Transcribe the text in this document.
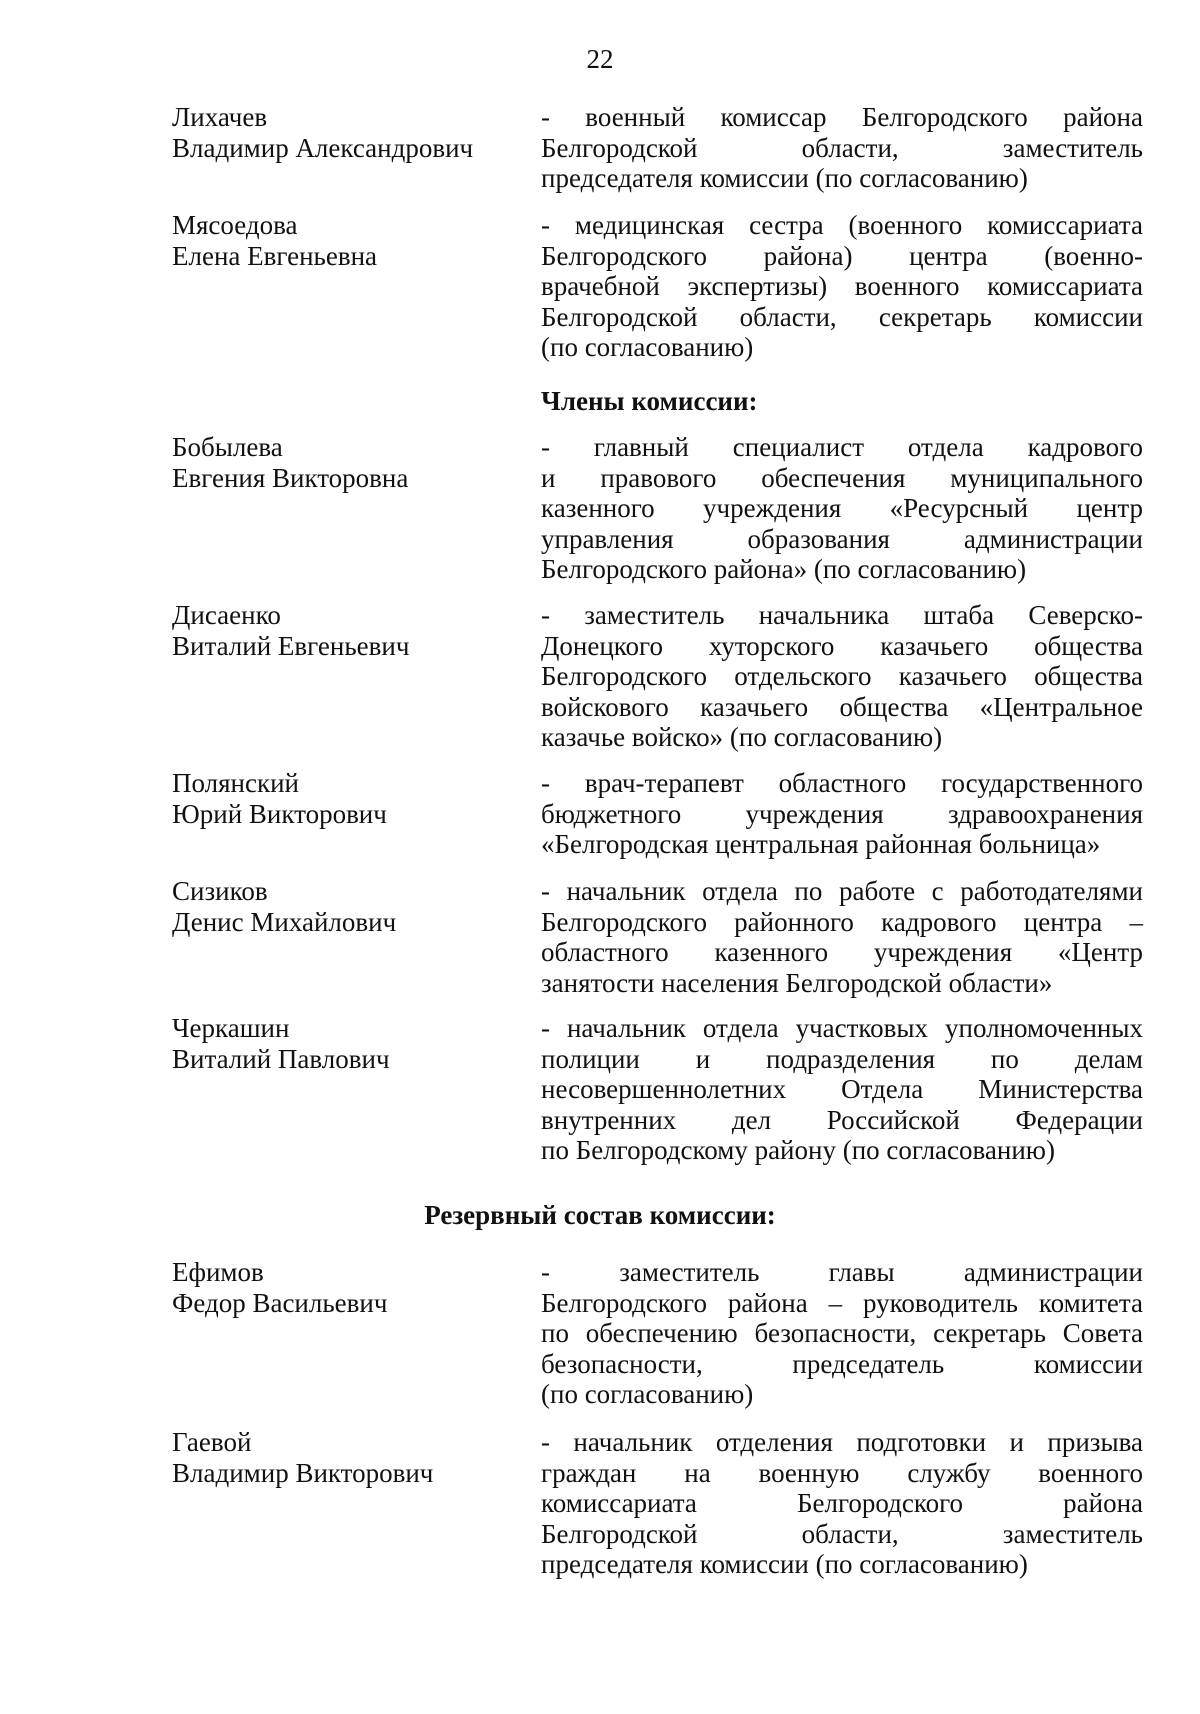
22
Лихачев
Владимир Александрович
- военный комиссар Белгородского района
Белгородской области, заместитель
председателя комиссии (по согласованию)
Мясоедова
Елена Евгеньевна
- медицинская сестра (военного комиссариата
Белгородского района) центра (военно-
врачебной экспертизы) военного комиссариата
Белгородской области, секретарь комиссии
(по согласованию)
Члены комиссии:
Бобылева
Евгения Викторовна
- главный специалист отдела кадрового
и правового обеспечения муниципального
казенного учреждения «Ресурсный центр
управления образования администрации
Белгородского района» (по согласованию)
Дисаенко
Виталий Евгеньевич
- заместитель начальника штаба Северско-
Донецкого хуторского казачьего общества
Белгородского отдельского казачьего общества
войскового казачьего общества «Центральное
казачье войско» (по согласованию)
Полянский
Юрий Викторович
- врач-терапевт областного государственного
бюджетного учреждения здравоохранения
«Белгородская центральная районная больница»
Сизиков
Денис Михайлович
- начальник отдела по работе с работодателями
Белгородского районного кадрового центра –
областного казенного учреждения «Центр
занятости населения Белгородской области»
Черкашин
Виталий Павлович
- начальник отдела участковых уполномоченных
полиции и подразделения по делам
несовершеннолетних Отдела Министерства
внутренних дел Российской Федерации
по Белгородскому району (по согласованию)
Резервный состав комиссии:
Ефимов
Федор Васильевич
- заместитель главы администрации
Белгородского района – руководитель комитета
по обеспечению безопасности, секретарь Совета
безопасности, председатель комиссии
(по согласованию)
Гаевой
Владимир Викторович
- начальник отделения подготовки и призыва
граждан на военную службу военного
комиссариата Белгородского района
Белгородской области, заместитель
председателя комиссии (по согласованию)
